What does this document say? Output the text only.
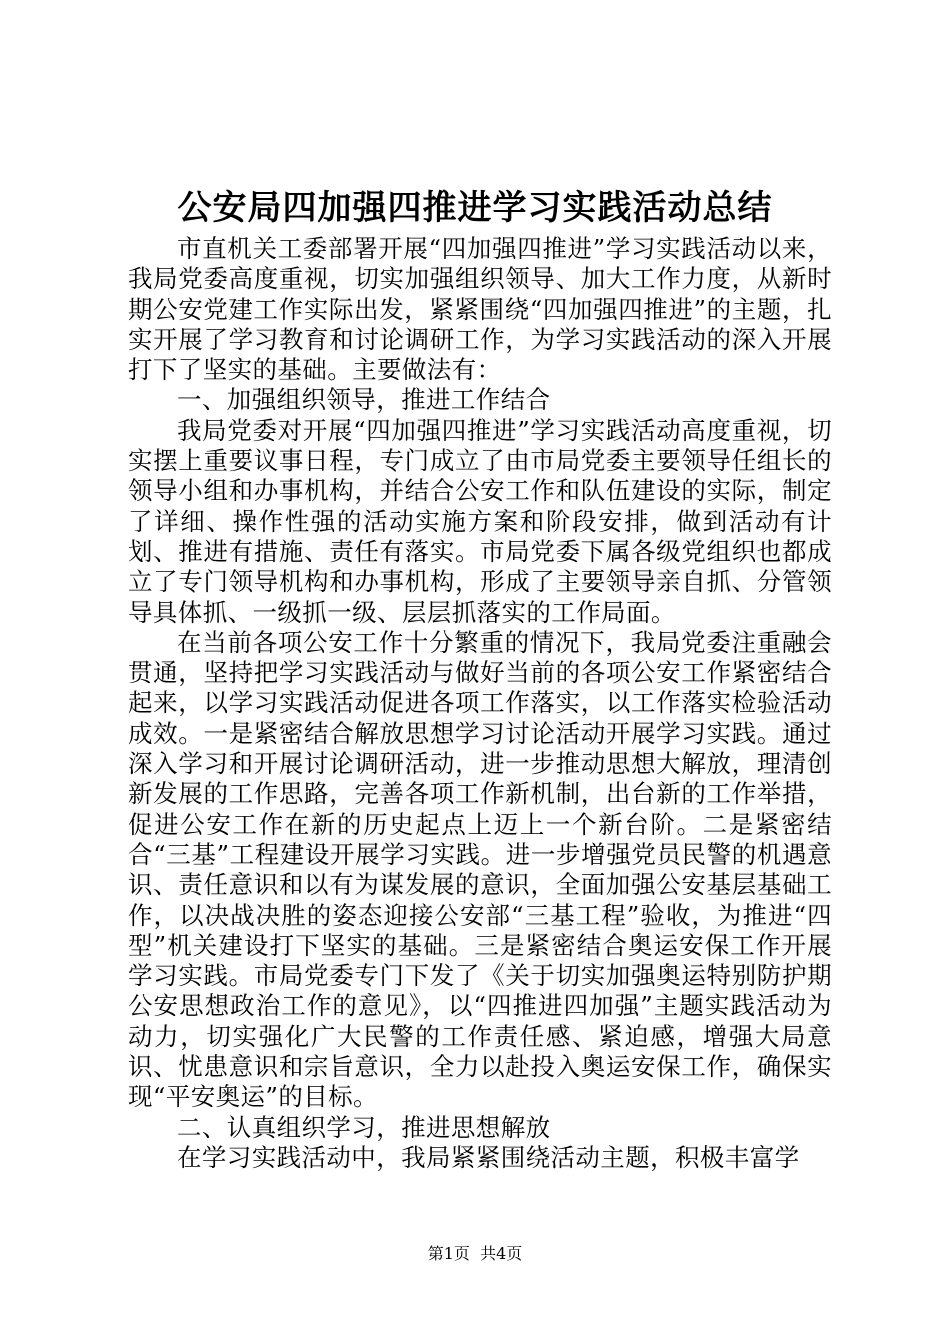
公安局四加强四推进学习实践活动总结

市直机关工委部署开展“四加强四推进”学习实践活动以来，我局党委高度重视，切实加强组织领导、加大工作力度，从新时期公安党建工作实际出发，紧紧围绕“四加强四推进”的主题，扎实开展了学习教育和讨论调研工作，为学习实践活动的深入开展打下了坚实的基础。主要做法有：

一、加强组织领导，推进工作结合

我局党委对开展“四加强四推进”学习实践活动高度重视，切实摆上重要议事日程，专门成立了由市局党委主要领导任组长的领导小组和办事机构，并结合公安工作和队伍建设的实际，制定了详细、操作性强的活动实施方案和阶段安排，做到活动有计划、推进有措施、责任有落实。市局党委下属各级党组织也都成立了专门领导机构和办事机构，形成了主要领导亲自抓、分管领导具体抓、一级抓一级、层层抓落实的工作局面。

在当前各项公安工作十分繁重的情况下，我局党委注重融会贯通，坚持把学习实践活动与做好当前的各项公安工作紧密结合起来，以学习实践活动促进各项工作落实，以工作落实检验活动成效。一是紧密结合解放思想学习讨论活动开展学习实践。通过深入学习和开展讨论调研活动，进一步推动思想大解放，理清创新发展的工作思路，完善各项工作新机制，出台新的工作举措，促进公安工作在新的历史起点上迈上一个新台阶。二是紧密结合“三基”工程建设开展学习实践。进一步增强党员民警的机遇意识、责任意识和以有为谋发展的意识，全面加强公安基层基础工作，以决战决胜的姿态迎接公安部“三基工程”验收，为推进“四型”机关建设打下坚实的基础。三是紧密结合奥运安保工作开展学习实践。市局党委专门下发了《关于切实加强奥运特别防护期公安思想政治工作的意见》，以“四推进四加强”主题实践活动为动力，切实强化广大民警的工作责任感、紧迫感，增强大局意识、忧患意识和宗旨意识，全力以赴投入奥运安保工作，确保实现“平安奥运”的目标。

二、认真组织学习，推进思想解放

在学习实践活动中，我局紧紧围绕活动主题，积极丰富学

第1页 共4页
